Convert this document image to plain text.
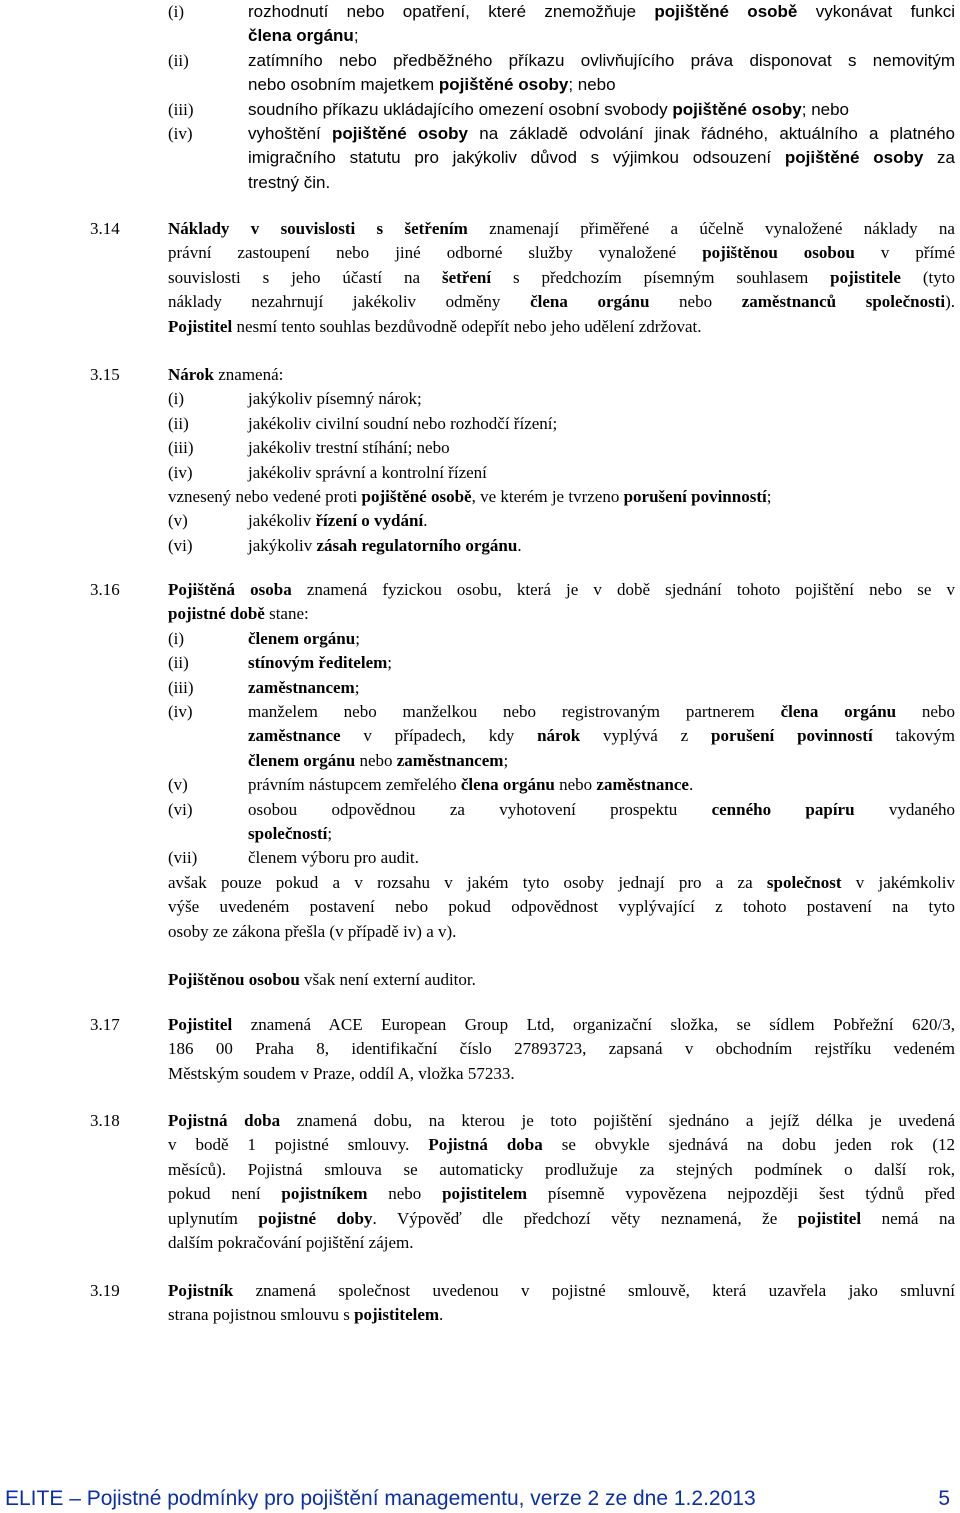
(i)	rozhodnutí nebo opatření, které znemožňuje pojištěné osobě vykonávat funkci
člena orgánu;
(ii)	zatímního nebo předběžného příkazu ovlivňujícího práva disponovat s nemovitým
nebo osobním majetkem pojištěné osoby; nebo
(iii)	soudního příkazu ukládajícího omezení osobní svobody pojištěné osoby; nebo
(iv)	vyhoštění pojištěné osoby na základě odvolání jinak řádného, aktuálního a platného
imigračního statutu pro jakýkoliv důvod s výjimkou odsouzení pojištěné osoby za
trestný čin.
3.14	Náklady v souvislosti s šetřením znamenají přiměřené a účelně vynaložené náklady na
právní zastoupení nebo jiné odborné služby vynaložené pojištěnou osobou v přímé
souvislosti s jeho účastí na šetření s předchozím písemným souhlasem pojistitele (tyto
náklady nezahrnují jakékoliv odměny člena orgánu nebo zaměstnanců společnosti).
Pojistitel nesmí tento souhlas bezdůvodně odepřít nebo jeho udělení zdržovat.
3.15	Nárok znamená:
(i)	jakýkoliv písemný nárok;
(ii)	jakékoliv civilní soudní nebo rozhodčí řízení;
(iii)	jakékoliv trestní stíhání; nebo
(iv)	jakékoliv správní a kontrolní řízení
vznesený nebo vedené proti pojištěné osobě, ve kterém je tvrzeno porušení povinností;
(v)	jakékoliv řízení o vydání.
(vi)	jakýkoliv zásah regulatorního orgánu.
3.16	Pojištěná osoba znamená fyzickou osobu, která je v době sjednání tohoto pojištění nebo se v
pojistné době stane:
(i)	členem orgánu;
(ii)	stínovým ředitelem;
(iii)	zaměstnancem;
(iv)	manželem nebo manželkou nebo registrovaným partnerem člena orgánu nebo
zaměstnance v případech, kdy nárok vyplývá z porušení povinností takovým
členem orgánu nebo zaměstnancem;
(v)	právním nástupcem zemřelého člena orgánu nebo zaměstnance.
(vi)	osobou odpovědnou za vyhotovení prospektu cenného papíru vydaného
společností;
(vii)	členem výboru pro audit.
avšak pouze pokud a v rozsahu v jakém tyto osoby jednají pro a za společnost v jakémkoliv
výše uvedeném postavení nebo pokud odpovědnost vyplývající z tohoto postavení na tyto
osoby ze zákona přešla (v případě iv) a v).
Pojištěnou osobou však není externí auditor.
3.17	Pojistitel znamená ACE European Group Ltd, organizační složka, se sídlem Pobřežní 620/3,
186 00 Praha 8, identifikační číslo 27893723, zapsaná v obchodním rejstříku vedeném
Městským soudem v Praze, oddíl A, vložka 57233.
3.18	Pojistná doba znamená dobu, na kterou je toto pojištění sjednáno a jejíž délka je uvedená
v bodě 1 pojistné smlouvy. Pojistná doba se obvykle sjednává na dobu jeden rok (12
měsíců). Pojistná smlouva se automaticky prodlužuje za stejných podmínek o další rok,
pokud není pojistníkem nebo pojistitelem písemně vypovězena nejpozději šest týdnů před
uplynutím pojistné doby. Výpověď dle předchozí věty neznamená, že pojistitel nemá na
dalším pokračování pojištění zájem.
3.19	Pojistník znamená společnost uvedenou v pojistné smlouvě, která uzavřela jako smluvní
strana pojistnou smlouvu s pojistitelem.
ELITE – Pojistné podmínky pro pojištění managementu, verze 2 ze dne 1.2.2013	5
